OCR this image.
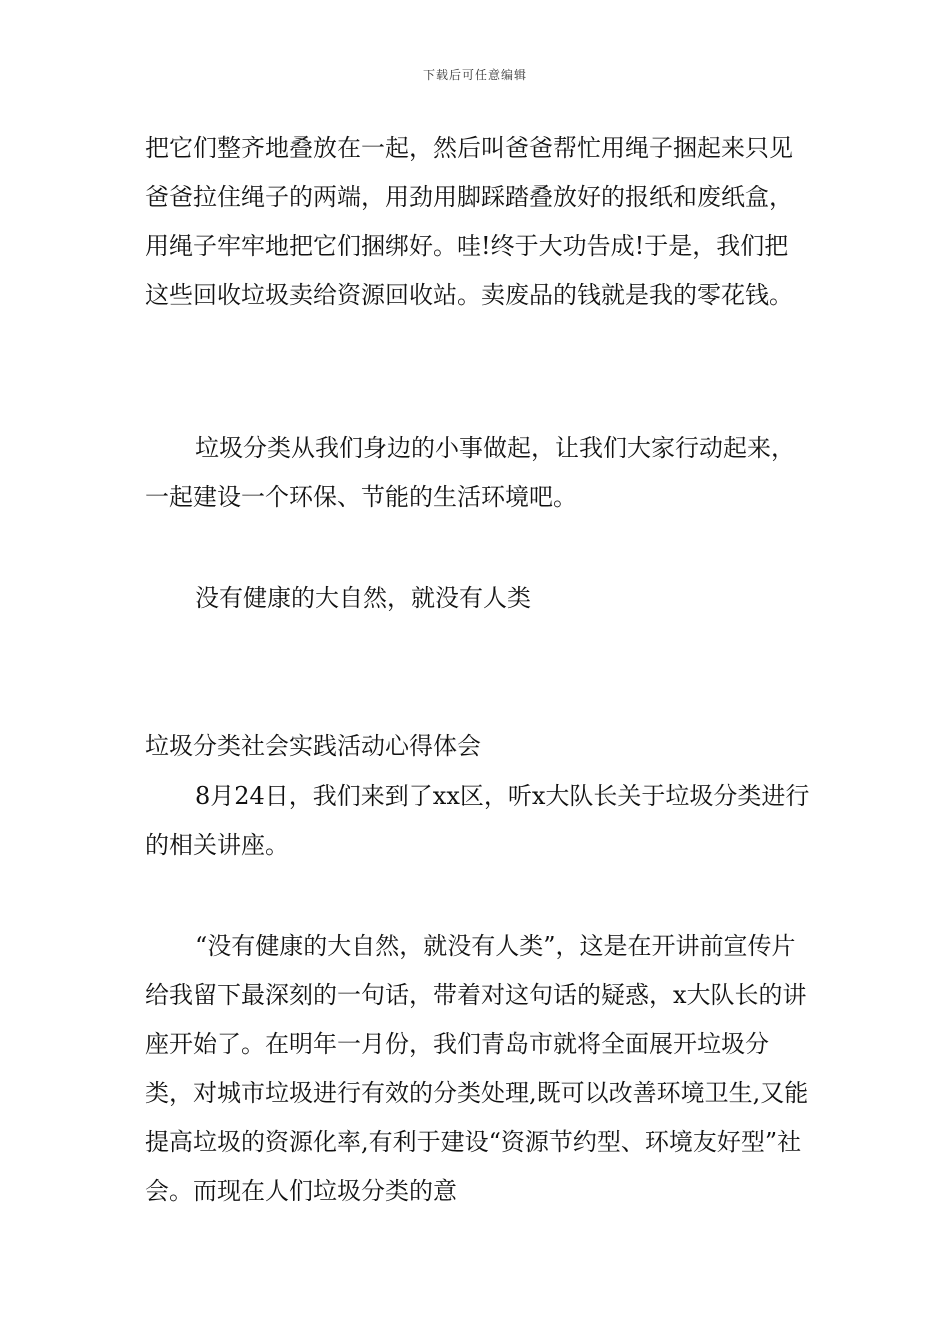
下载后可任意编辑

把它们整齐地叠放在一起，然后叫爸爸帮忙用绳子捆起来只见爸爸拉住绳子的两端，用劲用脚踩踏叠放好的报纸和废纸盒，用绳子牢牢地把它们捆绑好。哇!终于大功告成!于是，我们把这些回收垃圾卖给资源回收站。卖废品的钱就是我的零花钱。

垃圾分类从我们身边的小事做起，让我们大家行动起来，一起建设一个环保、节能的生活环境吧。

没有健康的大自然，就没有人类

垃圾分类社会实践活动心得体会

8月24日，我们来到了xx区，听x大队长关于垃圾分类进行的相关讲座。

“没有健康的大自然，就没有人类”，这是在开讲前宣传片给我留下最深刻的一句话，带着对这句话的疑惑，x大队长的讲座开始了。在明年一月份，我们青岛市就将全面展开垃圾分类，对城市垃圾进行有效的分类处理,既可以改善环境卫生,又能提高垃圾的资源化率,有利于建设“资源节约型、环境友好型”社会。而现在人们垃圾分类的意
